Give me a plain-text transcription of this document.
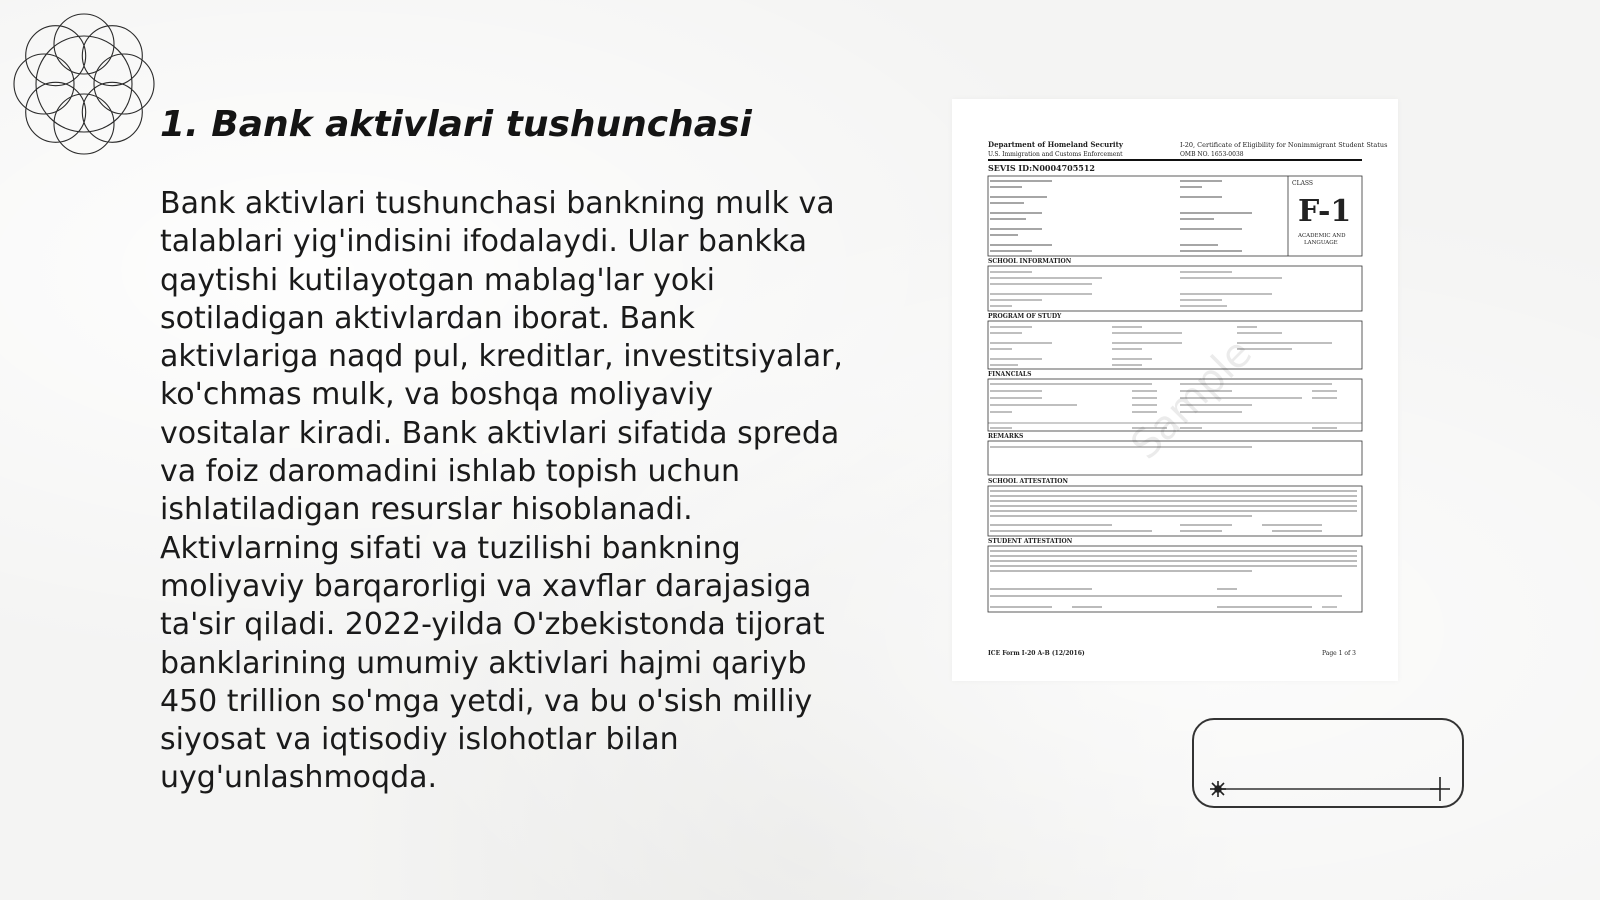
1. Bank aktivlari tushunchasi

Bank aktivlari tushunchasi bankning mulk va talablari yig'indisini ifodalaydi. Ular bankka qaytishi kutilayotgan mablag'lar yoki sotiladigan aktivlardan iborat. Bank aktivlariga naqd pul, kreditlar, investitsiyalar, ko'chmas mulk, va boshqa moliyaviy vositalar kiradi. Bank aktivlari sifatida spreda va foiz daromadini ishlab topish uchun ishlatiladigan resurslar hisoblanadi. Aktivlarning sifati va tuzilishi bankning moliyaviy barqarorligi va xavflar darajasiga ta'sir qiladi. 2022-yilda O'zbekistonda tijorat banklarining umumiy aktivlari hajmi qariyb 450 trillion so'mga yetdi, va bu o'sish milliy siyosat va iqtisodiy islohotlar bilan uyg'unlashmoqda.

Department of Homeland Security
U.S. Immigration and Customs Enforcement
I-20, Certificate of Eligibility for Nonimmigrant Student Status
OMB NO. 1653-0038
SEVIS ID: N0004705512
CLASS
F-1
ACADEMIC AND
LANGUAGE
SCHOOL INFORMATION
PROGRAM OF STUDY
FINANCIALS
REMARKS Sample
SCHOOL ATTESTATION
STUDENT ATTESTATION
ICE Form I-20 A-B (12/2016)	Page 1 of 3
